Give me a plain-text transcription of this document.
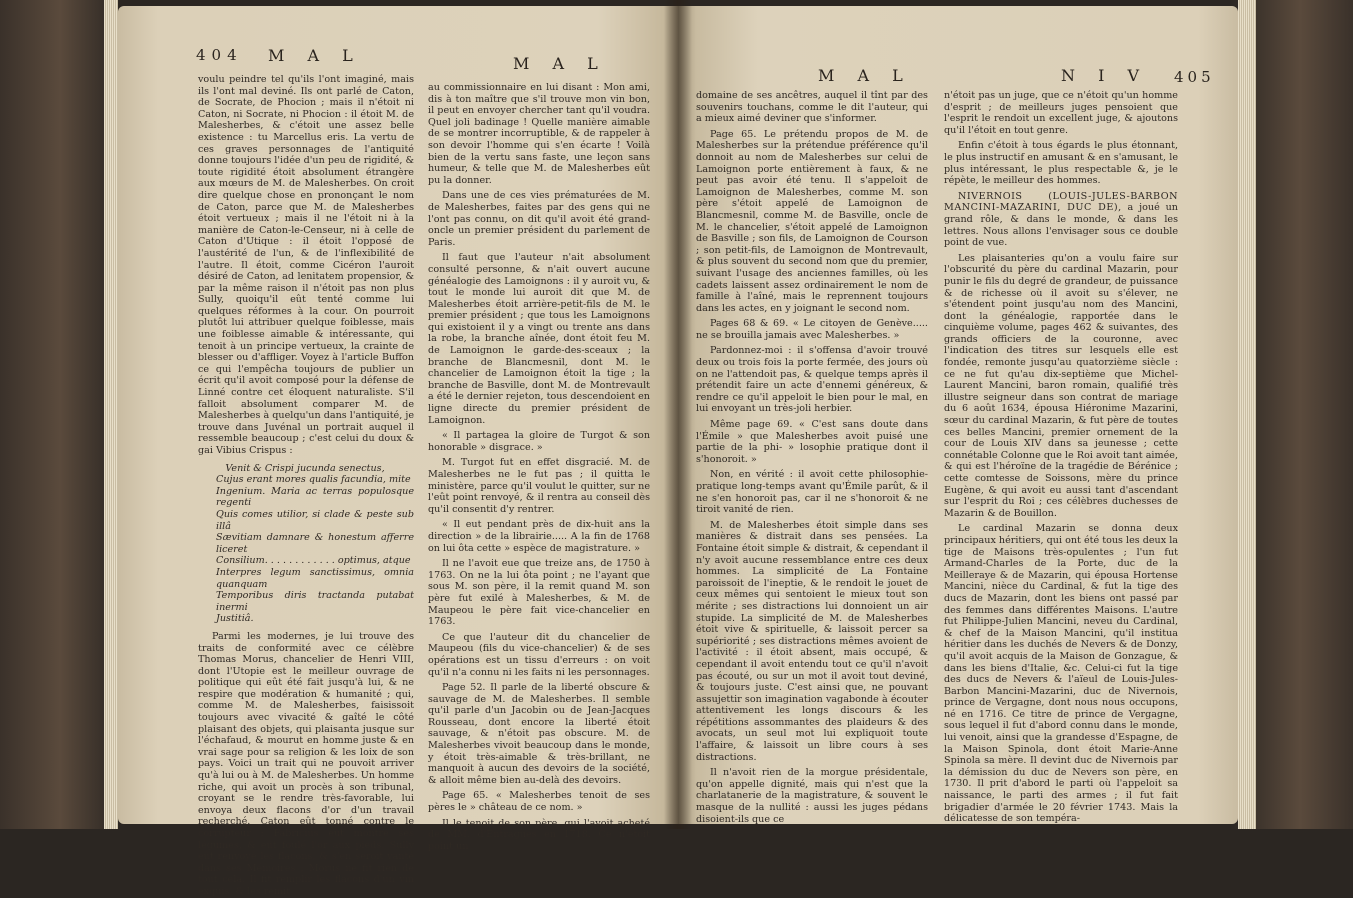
404 M A L	M A L

voulu peindre tel qu'ils l'ont imaginé, mais ils l'ont mal deviné. Ils ont parlé de Caton, de Socrate, de Phocion ; mais il n'étoit ni Caton, ni Socrate, ni Phocion : il étoit M. de Malesherbes, & c'étoit une assez belle existence : tu Marcellus eris. La vertu de ces graves personnages de l'antiquité donne toujours l'idée d'un peu de rigidité, & toute rigidité étoit absolument étrangère aux mœurs de M. de Malesherbes. On croit dire quelque chose en prononçant le nom de Caton, parce que M. de Malesherbes étoit vertueux ; mais il ne l'étoit ni à la manière de Caton-le-Censeur, ni à celle de Caton d'Utique : il étoit l'opposé de l'austérité de l'un, & de l'inflexibilité de l'autre. Il étoit, comme Cicéron l'auroit désiré de Caton, ad lenitatem propensior, & par la même raison il n'étoit pas non plus Sully, quoiqu'il eût tenté comme lui quelques réformes à la cour. On pourroit plutôt lui attribuer quelque foiblesse, mais une foiblesse aimable & intéressante, qui tenoit à un principe vertueux, la crainte de blesser ou d'affliger. Voyez à l'article Buffon ce qui l'empêcha toujours de publier un écrit qu'il avoit composé pour la défense de Linné contre cet éloquent naturaliste. S'il falloit absolument comparer M. de Malesherbes à quelqu'un dans l'antiquité, je trouve dans Juvénal un portrait auquel il ressemble beaucoup ; c'est celui du doux & gai Vibius Crispus :

Venit & Crispi jucunda senectus,
Cujus erant mores qualis facundia, mite
Ingenium. Maria ac terras populosque regenti
Quis comes utilior, si clade & peste sub illâ
Sævitiam damnare & honestum afferre liceret
Consilium. . . . . . . . . . . . optimus, atque
Interpres legum sanctissimus, omnia quanquam
Temporibus diris tractanda putabat inermi
Justitiâ.

Parmi les modernes, je lui trouve des traits de conformité avec ce célèbre Thomas Morus, chancelier de Henri VIII, dont l'Utopie est le meilleur ouvrage de politique qui eût été fait jusqu'à lui, & ne respire que modération & humanité ; qui, comme M. de Malesherbes, faisissoit toujours avec vivacité & gaîté le côté plaisant des objets, qui plaisanta jusque sur l'échafaud, & mourut en homme juste & en vrai sage pour sa religion & les loix de son pays. Voici un trait qui ne pouvoit arriver qu'à lui ou à M. de Malesherbes. Un homme riche, qui avoit un procès à son tribunal, croyant se le rendre très-favorable, lui envoya deux flacons d'or d'un travail recherché. Caton eût tonné contre le corrupteur ; Fabricius eût montré ses légumes, & eût foulé l'or aux pieds. Sully eût renvoyé les flacons, & s'en seroit vanté dans ses Mémoires ; Morus ne fit rien de tout cela. Il fit remplir les flacons d'un vin exquis, & les remit

au commissionnaire en lui disant : Mon ami, dis à ton maître que s'il trouve mon vin bon, il peut en envoyer chercher tant qu'il voudra. Quel joli badinage ! Quelle manière aimable de se montrer incorruptible, & de rappeler à son devoir l'homme qui s'en écarte ! Voilà bien de la vertu sans faste, une leçon sans humeur, & telle que M. de Malesherbes eût pu la donner.

Dans une de ces vies prématurées de M. de Malesherbes, faites par des gens qui ne l'ont pas connu, on dit qu'il avoit été grand-oncle un premier président du parlement de Paris.

Il faut que l'auteur n'ait absolument consulté personne, & n'ait ouvert aucune généalogie des Lamoignons : il y auroit vu, & tout le monde lui auroit dit que M. de Malesherbes étoit arrière-petit-fils de M. le premier président ; que tous les Lamoignons qui existoient il y a vingt ou trente ans dans la robe, la branche aînée, dont étoit feu M. de Lamoignon le garde-des-sceaux ; la branche de Blancmesnil, dont M. le chancelier de Lamoignon étoit la tige ; la branche de Basville, dont M. de Montrevault a été le dernier rejeton, tous descendoient en ligne directe du premier président de Lamoignon.

« Il partagea la gloire de Turgot & son honorable » disgrace. »

M. Turgot fut en effet disgracié. M. de Malesherbes ne le fut pas ; il quitta le ministère, parce qu'il voulut le quitter, sur ne l'eût point renvoyé, & il rentra au conseil dès qu'il consentit d'y rentrer.

« Il eut pendant près de dix-huit ans la direction » de la librairie..... A la fin de 1768 on lui ôta cette » espèce de magistrature. »

Il ne l'avoit eue que treize ans, de 1750 à 1763. On ne la lui ôta point ; ne l'ayant que sous M. son père, il la remit quand M. son père fut exilé à Malesherbes, & M. de Maupeou le père fait vice-chancelier en 1763.

Ce que l'auteur dit du chancelier de Maupeou (fils du vice-chancelier) & de ses opérations est un tissu d'erreurs : on voit qu'il n'a connu ni les faits ni les personnages.

Page 52. Il parle de la liberté obscure & sauvage de M. de Malesherbes. Il semble qu'il parle d'un Jacobin ou de Jean-Jacques Rousseau, dont encore la liberté étoit sauvage, & n'étoit pas obscure. M. de Malesherbes vivoit beaucoup dans le monde, y étoit très-aimable & très-brillant, ne manquoit à aucun des devoirs de la société, & alloit même bien au-delà des devoirs.

Page 65. « Malesherbes tenoit de ses pères le » château de ce nom. »

Il le tenoit de son père, qui l'avoit acheté de MM. d'Entragues en 1718. Ce n'étoit point un

M A L	N I V 405

domaine de ses ancêtres, auquel il tînt par des souvenirs touchans, comme le dit l'auteur, qui a mieux aimé deviner que s'informer.

Page 65. Le prétendu propos de M. de Malesherbes sur la prétendue préférence qu'il donnoit au nom de Malesherbes sur celui de Lamoignon porte entièrement à faux, & ne peut pas avoir été tenu. Il s'appeloit de Lamoignon de Malesherbes, comme M. son père s'étoit appelé de Lamoignon de Blancmesnil, comme M. de Basville, oncle de M. le chancelier, s'étoit appelé de Lamoignon de Basville ; son fils, de Lamoignon de Courson ; son petit-fils, de Lamoignon de Montrevault, & plus souvent du second nom que du premier, suivant l'usage des anciennes familles, où les cadets laissent assez ordinairement le nom de famille à l'aîné, mais le reprennent toujours dans les actes, en y joignant le second nom.

Pages 68 & 69. « Le citoyen de Genève..... ne se brouilla jamais avec Malesherbes. »

Pardonnez-moi : il s'offensa d'avoir trouvé deux ou trois fois la porte fermée, des jours où on ne l'attendoit pas, & quelque temps après il prétendit faire un acte d'ennemi généreux, & rendre ce qu'il appeloit le bien pour le mal, en lui envoyant un très-joli herbier.

Même page 69. « C'est sans doute dans l'Émile » que Malesherbes avoit puisé une partie de la phi- » losophie pratique dont il s'honoroit. »

Non, en vérité : il avoit cette philosophie-pratique long-temps avant qu'Émile parût, & il ne s'en honoroit pas, car il ne s'honoroit & ne tiroit vanité de rien.

M. de Malesherbes étoit simple dans ses manières & distrait dans ses pensées. La Fontaine étoit simple & distrait, & cependant il n'y avoit aucune ressemblance entre ces deux hommes. La simplicité de La Fontaine paroissoit de l'ineptie, & le rendoit le jouet de ceux mêmes qui sentoient le mieux tout son mérite ; ses distractions lui donnoient un air stupide. La simplicité de M. de Malesherbes étoit vive & spirituelle, & laissoit percer sa supériorité ; ses distractions mêmes avoient de l'activité : il étoit absent, mais occupé, & cependant il avoit entendu tout ce qu'il n'avoit pas écouté, ou sur un mot il avoit tout deviné, & toujours juste. C'est ainsi que, ne pouvant assujettir son imagination vagabonde à écouter attentivement les longs discours & les répétitions assommantes des plaideurs & des avocats, un seul mot lui expliquoit toute l'affaire, & laissoit un libre cours à ses distractions.

Il n'avoit rien de la morgue présidentale, qu'on appelle dignité, mais qui n'est que la charlatanerie de la magistrature, & souvent le masque de la nullité : aussi les juges pédans disoient-ils que ce

n'étoit pas un juge, que ce n'étoit qu'un homme d'esprit ; de meilleurs juges pensoient que l'esprit le rendoit un excellent juge, & ajoutons qu'il l'étoit en tout genre.

Enfin c'étoit à tous égards le plus étonnant, le plus instructif en amusant & en s'amusant, le plus intéressant, le plus respectable &, je le répète, le meilleur des hommes.

NIVERNOIS (LOUIS-JULES-BARBON MANCINI-MAZARINI, DUC DE), a joué un grand rôle, & dans le monde, & dans les lettres. Nous allons l'envisager sous ce double point de vue.

Les plaisanteries qu'on a voulu faire sur l'obscurité du père du cardinal Mazarin, pour punir le fils du degré de grandeur, de puissance & de richesse où il avoit su s'élever, ne s'étendent point jusqu'au nom des Mancini, dont la généalogie, rapportée dans le cinquième volume, pages 462 & suivantes, des grands officiers de la couronne, avec l'indication des titres sur lesquels elle est fondée, remonte jusqu'au quatorzième siècle : ce ne fut qu'au dix-septième que Michel-Laurent Mancini, baron romain, qualifié très illustre seigneur dans son contrat de mariage du 6 août 1634, épousa Hiéronime Mazarini, sœur du cardinal Mazarin, & fut père de toutes ces belles Mancini, premier ornement de la cour de Louis XIV dans sa jeunesse ; cette connétable Colonne que le Roi avoit tant aimée, & qui est l'héroïne de la tragédie de Bérénice ; cette comtesse de Soissons, mère du prince Eugène, & qui avoit eu aussi tant d'ascendant sur l'esprit du Roi ; ces célèbres duchesses de Mazarin & de Bouillon.

Le cardinal Mazarin se donna deux principaux héritiers, qui ont été tous les deux la tige de Maisons très-opulentes ; l'un fut Armand-Charles de la Porte, duc de la Meilleraye & de Mazarin, qui épousa Hortense Mancini, nièce du Cardinal, & fut la tige des ducs de Mazarin, dont les biens ont passé par des femmes dans différentes Maisons. L'autre fut Philippe-Julien Mancini, neveu du Cardinal, & chef de la Maison Mancini, qu'il institua héritier dans les duchés de Nevers & de Donzy, qu'il avoit acquis de la Maison de Gonzague, & dans les biens d'Italie, &c. Celui-ci fut la tige des ducs de Nevers & l'aïeul de Louis-Jules-Barbon Mancini-Mazarini, duc de Nivernois, prince de Vergagne, dont nous nous occupons, né en 1716. Ce titre de prince de Vergagne, sous lequel il fut d'abord connu dans le monde, lui venoit, ainsi que la grandesse d'Espagne, de la Maison Spinola, dont étoit Marie-Anne Spinola sa mère. Il devint duc de Nivernois par la démission du duc de Nevers son père, en 1730. Il prit d'abord le parti où l'appeloit sa naissance, le parti des armes ; il fut fait brigadier d'armée le 20 février 1743. Mais la délicatesse de son tempéra-
